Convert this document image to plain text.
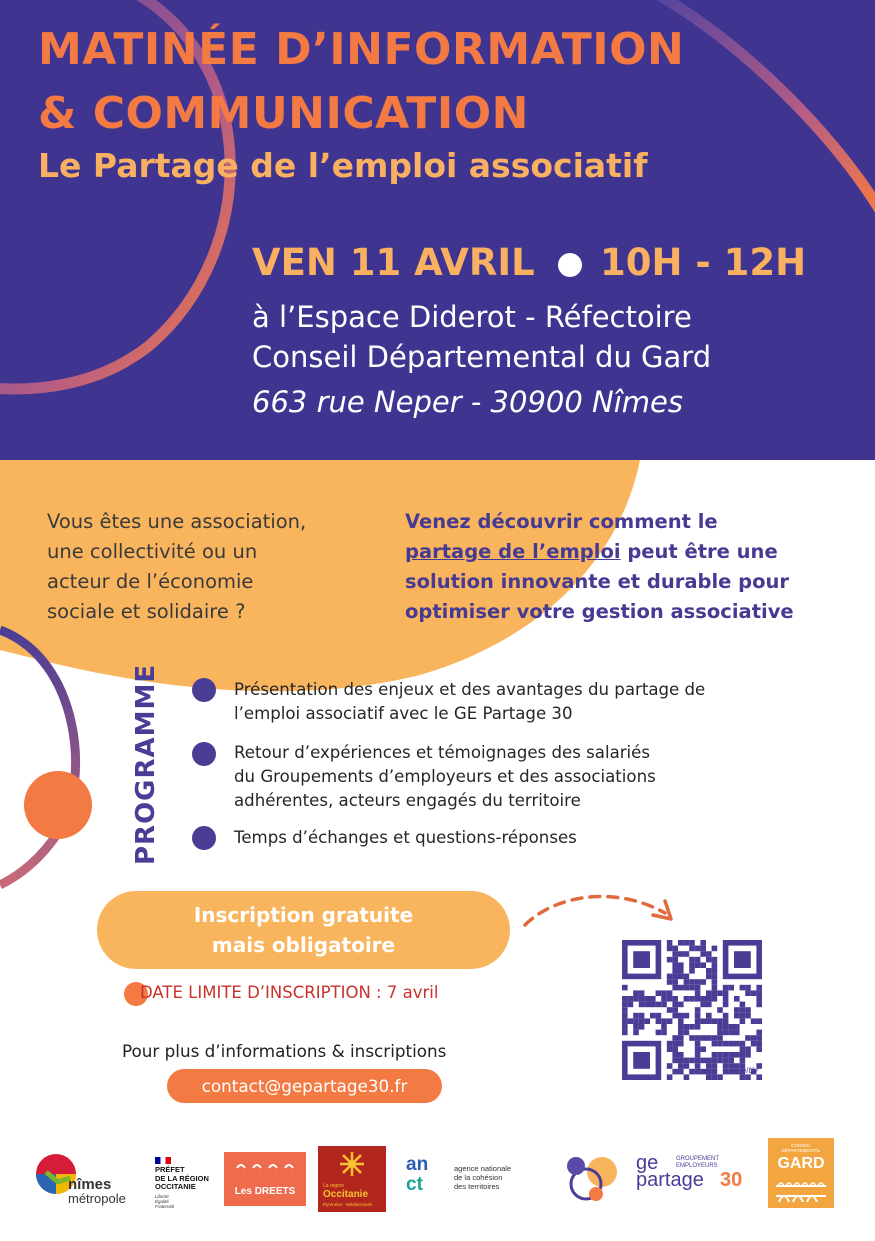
MATINÉE D’INFORMATION
& COMMUNICATION
Le Partage de l’emploi associatif
VEN 11 AVRIL 10H - 12H
à l’Espace Diderot - Réfectoire
Conseil Départemental du Gard
663 rue Neper - 30900 Nîmes
Vous êtes une association,
une collectivité ou un
acteur de l’économie
sociale et solidaire ?
Venez découvrir comment le
partage de l’emploi peut être une
solution innovante et durable pour
optimiser votre gestion associative
PROGRAMME	Présentation des enjeux et des avantages du partage de
l’emploi associatif avec le GE Partage 30
Retour d’expériences et témoignages des salariés
du Groupements d’employeurs et des associations
adhérentes, acteurs engagés du territoire
Temps d’échanges et questions-réponses
Inscription gratuite
mais obligatoire
DATE LIMITE D’INSCRIPTION : 7 avril
Pour plus d’informations & inscriptions
contact@gepartage30.fr
bitly
nîmes
métropole
PRÉFET
DE LA RÉGION
OCCITANIE
Liberté
Égalité
Fraternité
Les DREETS	La région
Occitanie
Pyrénées · Méditerranée
an
ct
agence nationale
de la cohésion
des territoires
ge
partage 30
GROUPEMENT
EMPLOYEURS
CONSEIL
DÉPARTEMENTAL
GARD
